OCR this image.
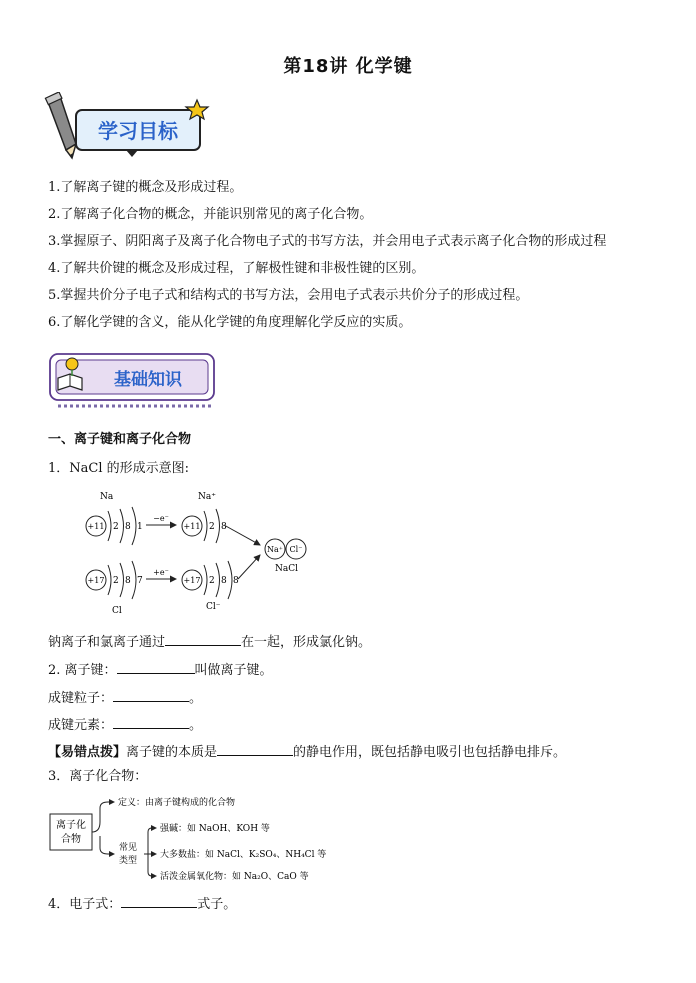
第18讲 化学键
学习目标
1.了解离子键的概念及形成过程。
2.了解离子化合物的概念，并能识别常见的离子化合物。
3.掌握原子、阴阳离子及离子化合物电子式的书写方法，并会用电子式表示离子化合物的形成过程
4.了解共价键的概念及形成过程，了解极性键和非极性键的区别。
5.掌握共价分子电子式和结构式的书写方法，会用电子式表示共价分子的形成过程。
6.了解化学键的含义，能从化学键的角度理解化学反应的实质。
基础知识
一、离子键和离子化合物
1．NaCl 的形成示意图:
Na
+11 2 8 1
−e⁻
Na⁺
+11 2 8
+17 2 8 7
Cl
+e⁻
+17 2 8 8
Cl⁻
Na⁺ Cl⁻
NaCl
钠离子和氯离子通过	在一起，形成氯化钠。
2. 离子键：	叫做离子键。
成键粒子：	。
成键元素：	。
【易错点拨】离子键的本质是	的静电作用，既包括静电吸引也包括静电排斥。
3．离子化合物：
离子化
合物
定义：由离子键构成的化合物
常见
类型
强碱：如 NaOH、KOH 等
大多数盐：如 NaCl、K₂SO₄、NH₄Cl 等
活泼金属氧化物：如 Na₂O、CaO 等
4．电子式：	式子。
